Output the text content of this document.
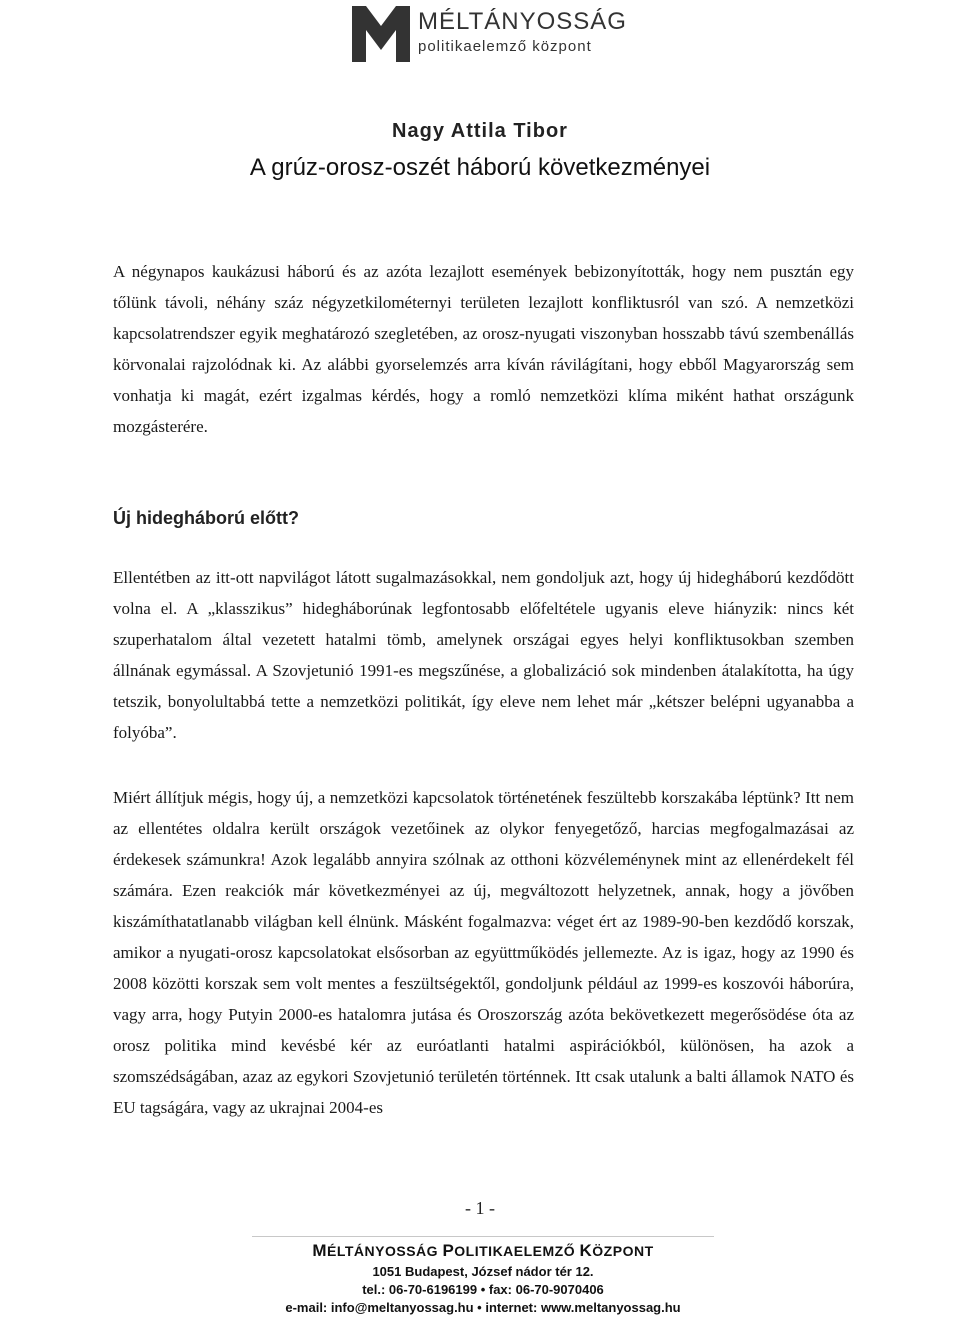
MÉLTÁNYOSSÁG
politikaelemző központ
Nagy Attila Tibor
A grúz-orosz-oszét háború következményei

A négynapos kaukázusi háború és az azóta lezajlott események bebizonyították, hogy nem pusztán egy tőlünk távoli, néhány száz négyzetkilométernyi területen lezajlott konfliktusról van szó. A nemzetközi kapcsolatrendszer egyik meghatározó szegletében, az orosz-nyugati viszonyban hosszabb távú szembenállás körvonalai rajzolódnak ki. Az alábbi gyorselemzés arra kíván rávilágítani, hogy ebből Magyarország sem vonhatja ki magát, ezért izgalmas kérdés, hogy a romló nemzetközi klíma miként hathat országunk mozgásterére.

Új hidegháború előtt?

Ellentétben az itt-ott napvilágot látott sugalmazásokkal, nem gondoljuk azt, hogy új hidegháború kezdődött volna el. A „klasszikus” hidegháborúnak legfontosabb előfeltétele ugyanis eleve hiányzik: nincs két szuperhatalom által vezetett hatalmi tömb, amelynek országai egyes helyi konfliktusokban szemben állnának egymással. A Szovjetunió 1991-es megszűnése, a globalizáció sok mindenben átalakította, ha úgy tetszik, bonyolultabbá tette a nemzetközi politikát, így eleve nem lehet már „kétszer belépni ugyanabba a folyóba”.

Miért állítjuk mégis, hogy új, a nemzetközi kapcsolatok történetének feszültebb korszakába léptünk? Itt nem az ellentétes oldalra került országok vezetőinek az olykor fenyegetőző, harcias megfogalmazásai az érdekesek számunkra! Azok legalább annyira szólnak az otthoni közvéleménynek mint az ellenérdekelt fél számára. Ezen reakciók már következményei az új, megváltozott helyzetnek, annak, hogy a jövőben kiszámíthatatlanabb világban kell élnünk. Másként fogalmazva: véget ért az 1989-90-ben kezdődő korszak, amikor a nyugati-orosz kapcsolatokat elsősorban az együttműködés jellemezte. Az is igaz, hogy az 1990 és 2008 közötti korszak sem volt mentes a feszültségektől, gondoljunk például az 1999-es koszovói háborúra, vagy arra, hogy Putyin 2000-es hatalomra jutása és Oroszország azóta bekövetkezett megerősödése óta az orosz politika mind kevésbé kér az euróatlanti hatalmi aspirációkból, különösen, ha azok a szomszédságában, azaz az egykori Szovjetunió területén történnek. Itt csak utalunk a balti államok NATO és EU tagságára, vagy az ukrajnai 2004-es

- 1 -
MÉLTÁNYOSSÁG POLITIKAELEMZŐ KÖZPONT
1051 Budapest, József nádor tér 12.
tel.: 06-70-6196199 • fax: 06-70-9070406
e-mail: info@meltanyossag.hu • internet: www.meltanyossag.hu
